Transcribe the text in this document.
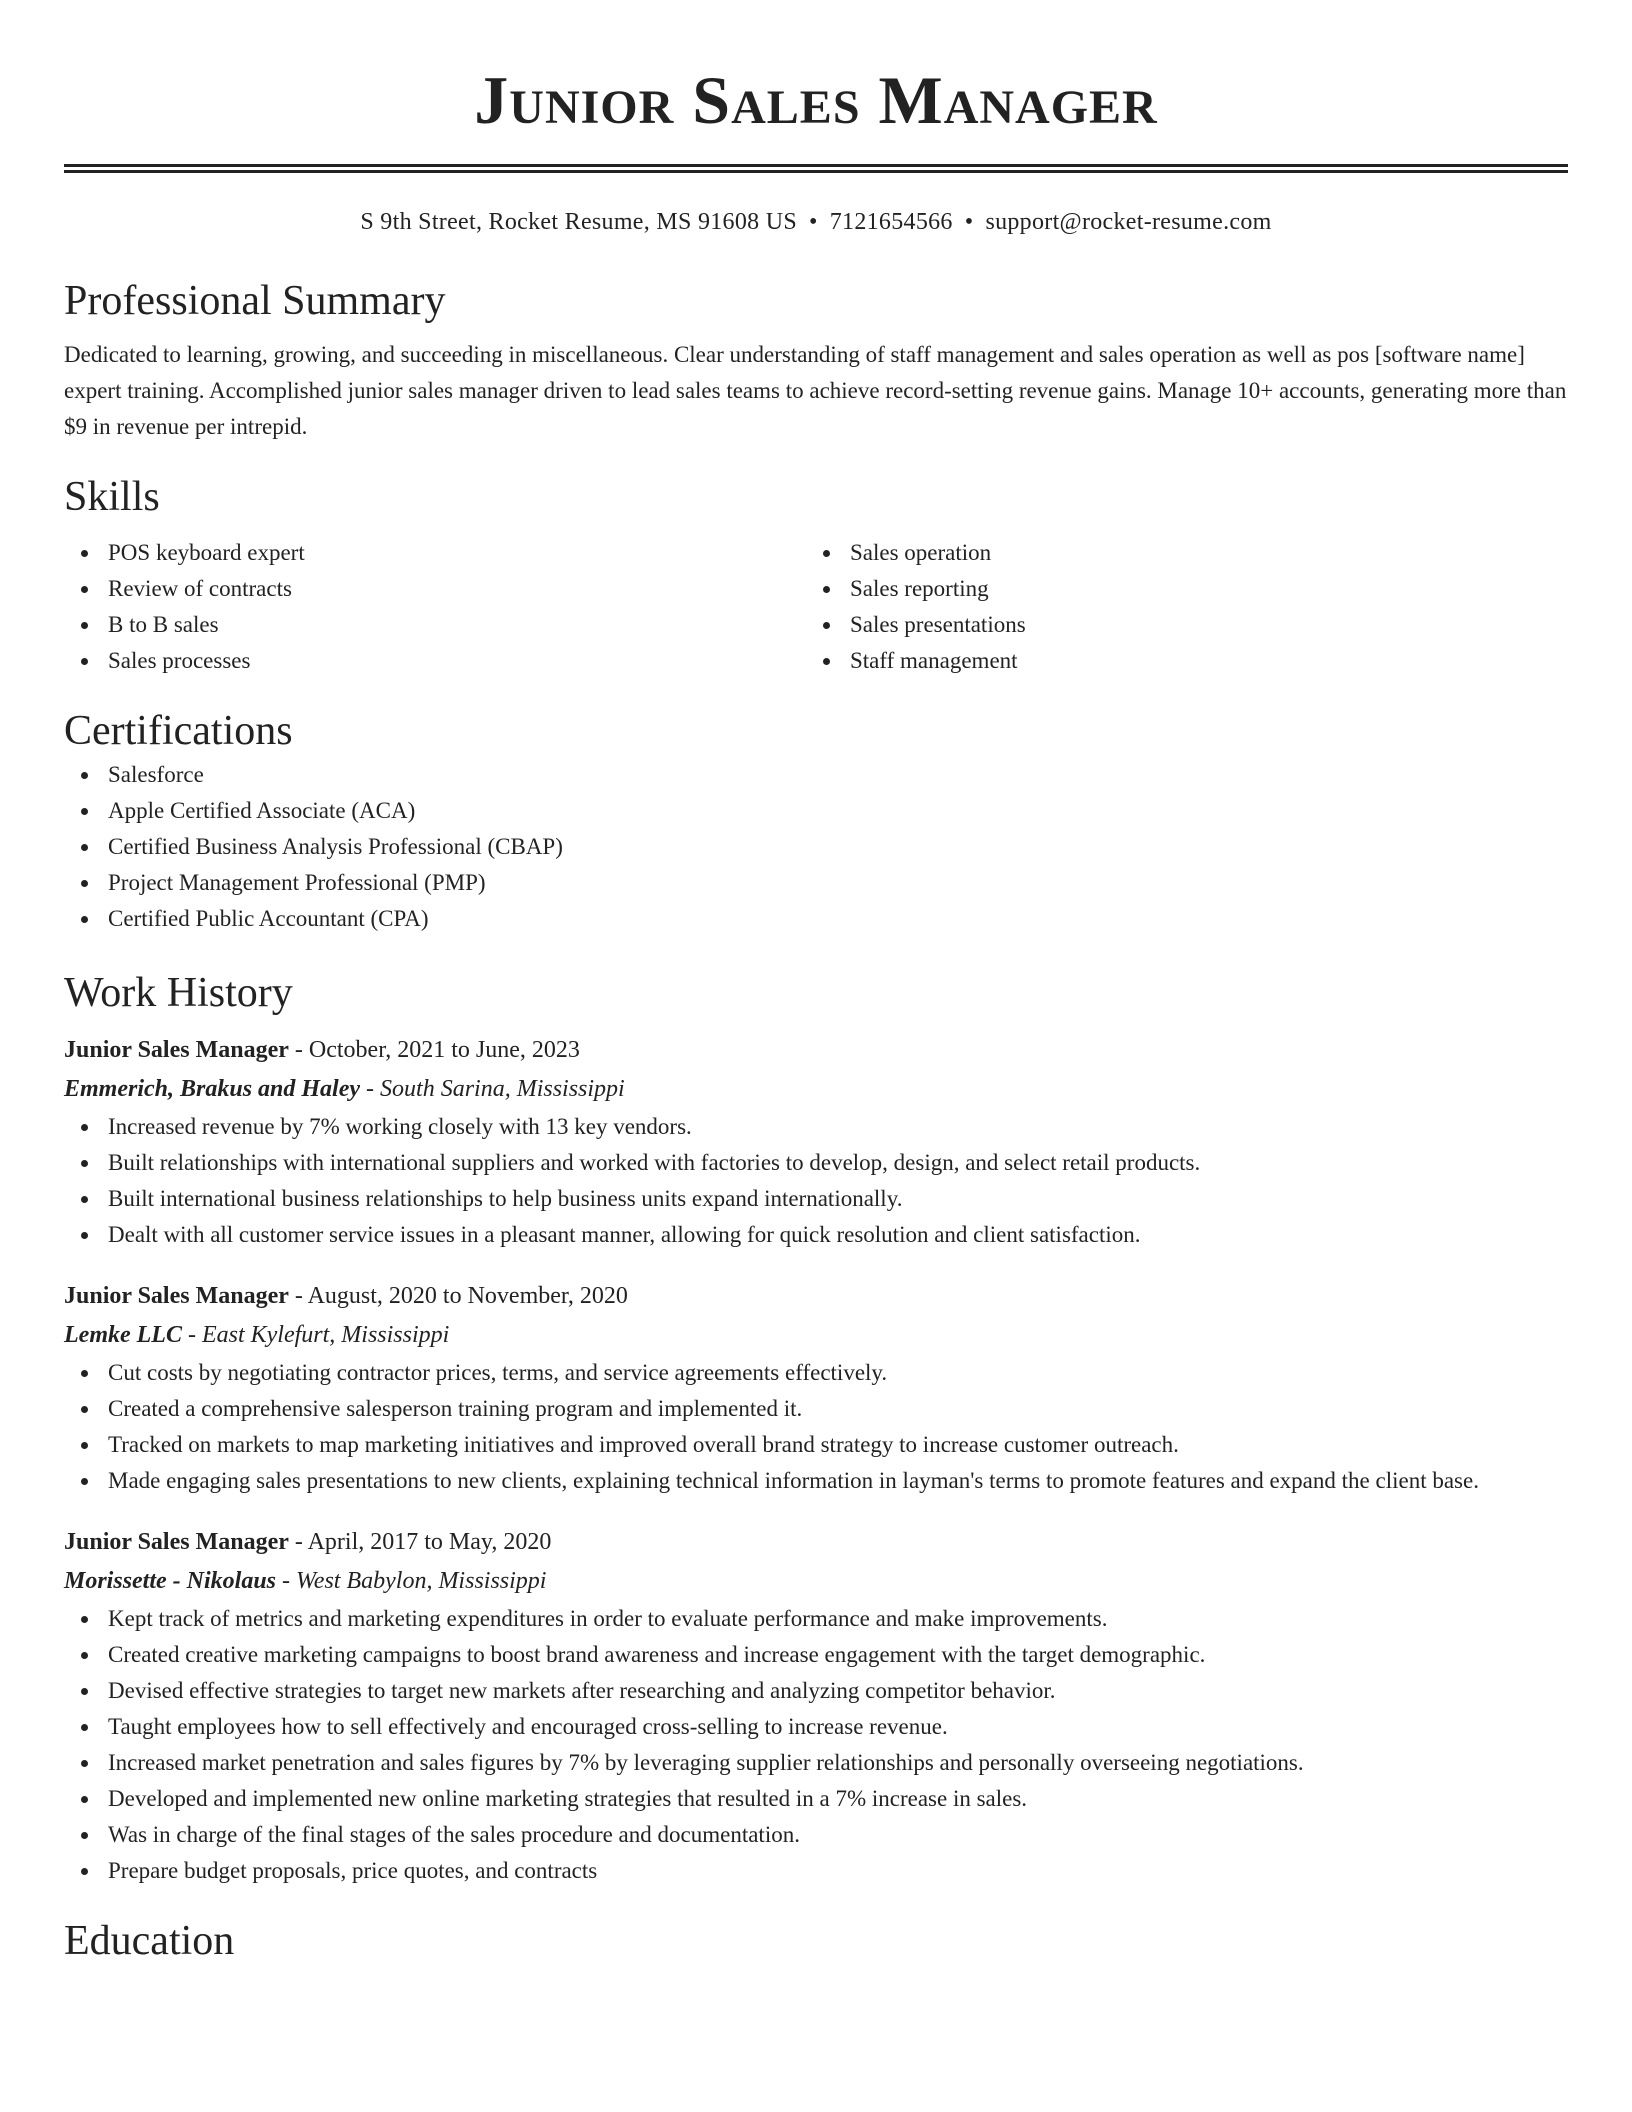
Junior Sales Manager
S 9th Street, Rocket Resume, MS 91608 US • 7121654566 • support@rocket-resume.com
Professional Summary

Dedicated to learning, growing, and succeeding in miscellaneous. Clear understanding of staff management and sales operation as well as pos [software name] expert training. Accomplished junior sales manager driven to lead sales teams to achieve record-setting revenue gains. Manage 10+ accounts, generating more than $9 in revenue per intrepid.

Skills
POS keyboard expert
Review of contracts
B to B sales
Sales processes
Sales operation
Sales reporting
Sales presentations
Staff management
Certifications
Salesforce
Apple Certified Associate (ACA)
Certified Business Analysis Professional (CBAP)
Project Management Professional (PMP)
Certified Public Accountant (CPA)
Work History
Junior Sales Manager - October, 2021 to June, 2023
Emmerich, Brakus and Haley - South Sarina, Mississippi
Increased revenue by 7% working closely with 13 key vendors.
Built relationships with international suppliers and worked with factories to develop, design, and select retail products.
Built international business relationships to help business units expand internationally.
Dealt with all customer service issues in a pleasant manner, allowing for quick resolution and client satisfaction.
Junior Sales Manager - August, 2020 to November, 2020
Lemke LLC - East Kylefurt, Mississippi
Cut costs by negotiating contractor prices, terms, and service agreements effectively.
Created a comprehensive salesperson training program and implemented it.
Tracked on markets to map marketing initiatives and improved overall brand strategy to increase customer outreach.
Made engaging sales presentations to new clients, explaining technical information in layman's terms to promote features and expand the client base.
Junior Sales Manager - April, 2017 to May, 2020
Morissette - Nikolaus - West Babylon, Mississippi
Kept track of metrics and marketing expenditures in order to evaluate performance and make improvements.
Created creative marketing campaigns to boost brand awareness and increase engagement with the target demographic.
Devised effective strategies to target new markets after researching and analyzing competitor behavior.
Taught employees how to sell effectively and encouraged cross-selling to increase revenue.
Increased market penetration and sales figures by 7% by leveraging supplier relationships and personally overseeing negotiations.
Developed and implemented new online marketing strategies that resulted in a 7% increase in sales.
Was in charge of the final stages of the sales procedure and documentation.
Prepare budget proposals, price quotes, and contracts
Education
